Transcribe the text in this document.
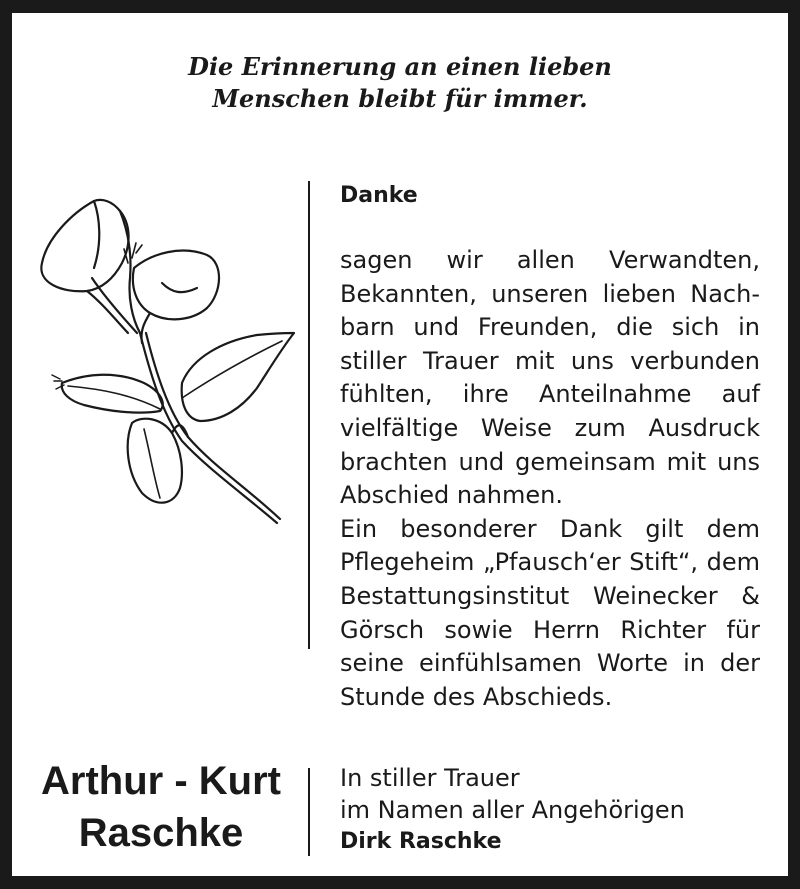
Die Erinnerung an einen lieben
Menschen bleibt für immer.
Danke

sagen wir allen Verwandten, Bekannten, unseren lieben Nachbarn und Freunden, die sich in stiller Trauer mit uns verbunden fühlten, ihre Anteilnahme auf vielfältige Weise zum Ausdruck brachten und gemeinsam mit uns Abschied nahmen.

Ein besonderer Dank gilt dem Pflegeheim „Pfausch‘er Stift“, dem Bestattungsinstitut Weinecker & Görsch sowie Herrn Richter für seine einfühlsamen Worte in der Stunde des Abschieds.

In stiller Trauer
im Namen aller Angehörigen
Dirk Raschke
Arthur - Kurt
Raschke
